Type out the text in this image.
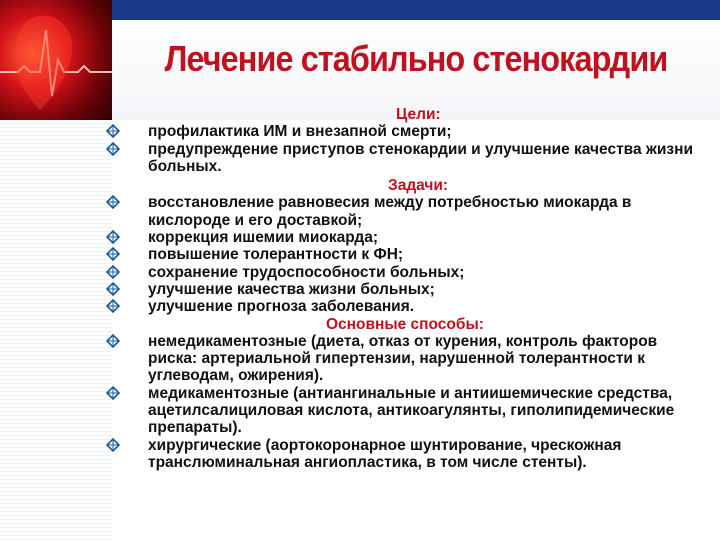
Лечение стабильно стенокардии
Цели:
профилактика ИМ и внезапной смерти;
предупреждение приступов стенокардии и улучшение качества жизни больных.
Задачи:
восстановление равновесия между потребностью миокарда в кислороде и его доставкой;
коррекция ишемии миокарда;
повышение толерантности к ФН;
сохранение трудоспособности больных;
улучшение качества жизни больных;
улучшение прогноза заболевания.
Основные способы:
немедикаментозные (диета, отказ от курения, контроль факторов риска: артериальной гипертензии, нарушенной толерантности к углеводам, ожирения).
медикаментозные (антиангинальные и антиишемические средства, ацетилсалициловая кислота, антикоагулянты, гиполипидемические препараты).
хирургические (аортокоронарное шунтирование, чрескожная транслюминальная ангиопластика, в том числе стенты).
